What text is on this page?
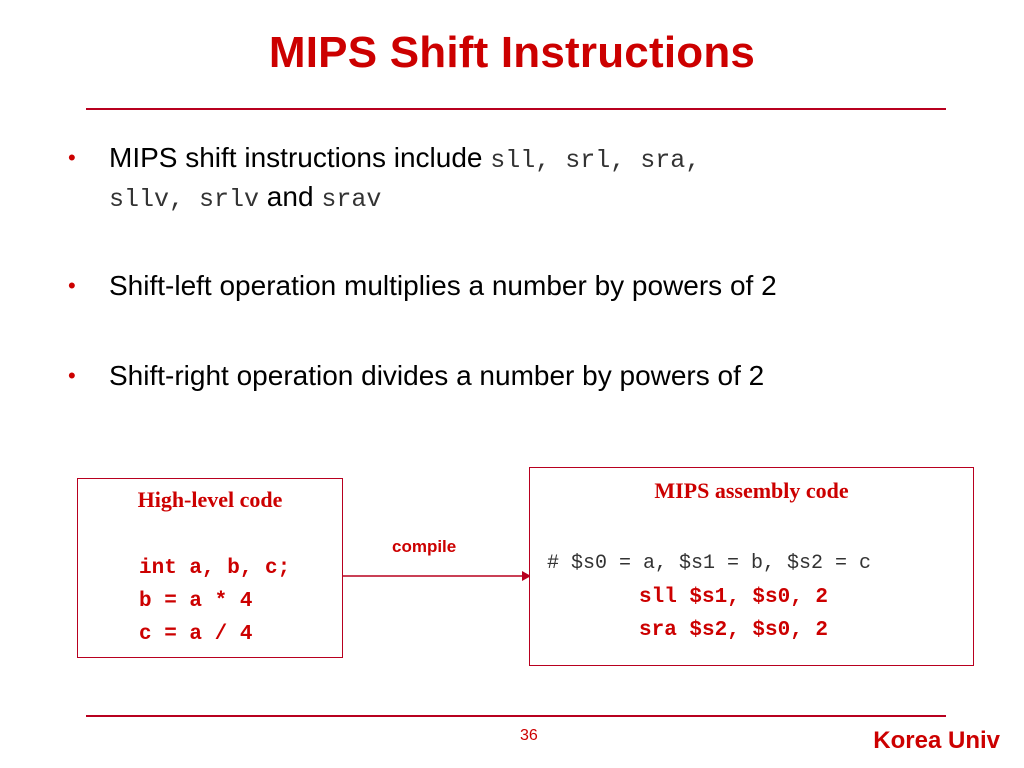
MIPS Shift Instructions
•	MIPS shift instructions include sll, srl, sra,
sllv, srlv and srav
•	Shift-left operation multiplies a number by powers of 2
•	Shift-right operation divides a number by powers of 2
High-level code
int a, b, c;
b = a * 4
c = a / 4
compile
MIPS assembly code
# $s0 = a, $s1 = b, $s2 = c
sll $s1, $s0, 2
sra $s2, $s0, 2
36	Korea Univ
